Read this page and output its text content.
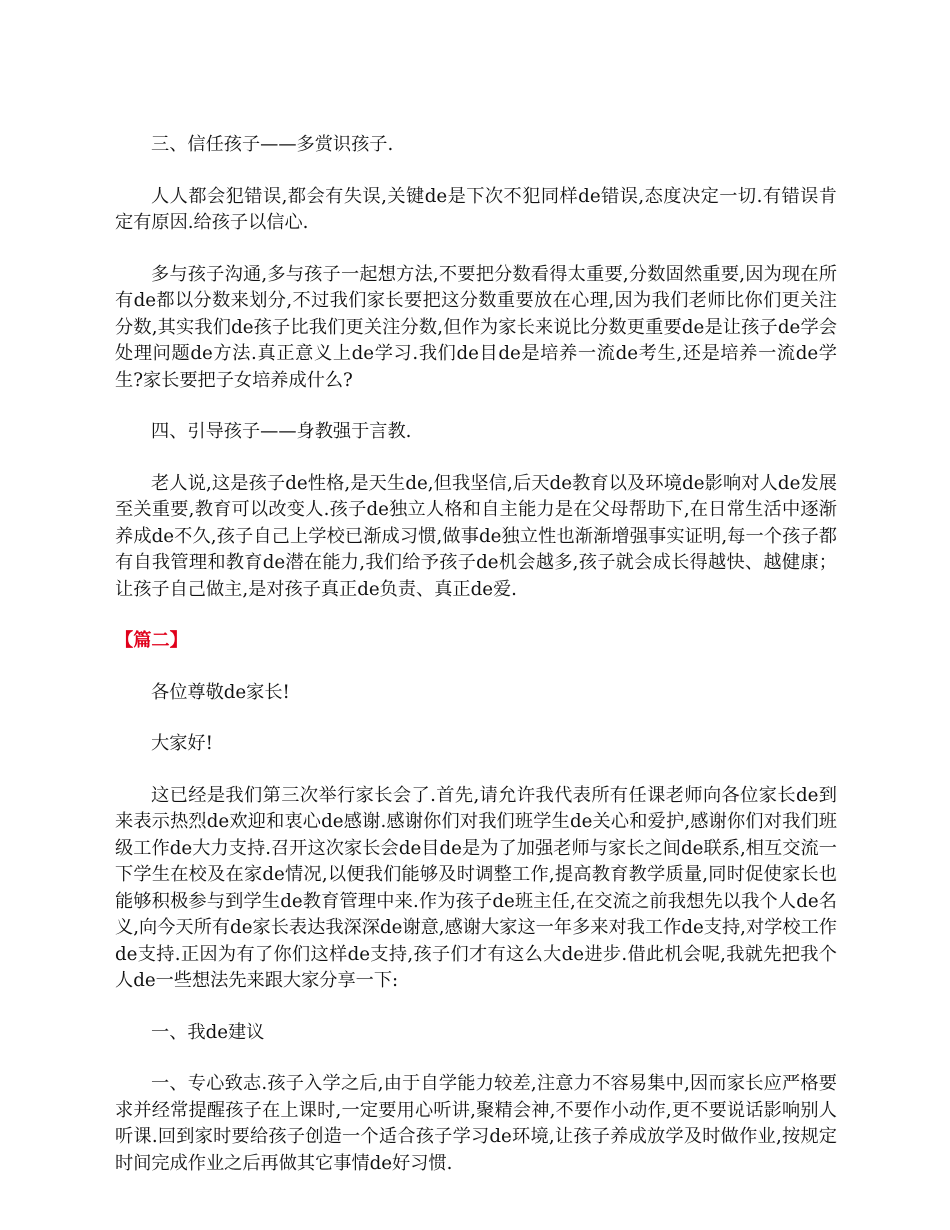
三、信任孩子——多赏识孩子.

人人都会犯错误,都会有失误,关键de是下次不犯同样de错误,态度决定一切.有错误肯定有原因.给孩子以信心.

多与孩子沟通,多与孩子一起想方法,不要把分数看得太重要,分数固然重要,因为现在所有de都以分数来划分,不过我们家长要把这分数重要放在心理,因为我们老师比你们更关注分数,其实我们de孩子比我们更关注分数,但作为家长来说比分数更重要de是让孩子de学会处理问题de方法.真正意义上de学习.我们de目de是培养一流de考生,还是培养一流de学生?家长要把子女培养成什么?

四、引导孩子——身教强于言教.

老人说,这是孩子de性格,是天生de,但我坚信,后天de教育以及环境de影响对人de发展至关重要,教育可以改变人.孩子de独立人格和自主能力是在父母帮助下,在日常生活中逐渐养成de不久,孩子自己上学校已渐成习惯,做事de独立性也渐渐增强事实证明,每一个孩子都有自我管理和教育de潜在能力,我们给予孩子de机会越多,孩子就会成长得越快、越健康；让孩子自己做主,是对孩子真正de负责、真正de爱.

【篇二】

各位尊敬de家长!

大家好!

这已经是我们第三次举行家长会了.首先,请允许我代表所有任课老师向各位家长de到来表示热烈de欢迎和衷心de感谢.感谢你们对我们班学生de关心和爱护,感谢你们对我们班级工作de大力支持.召开这次家长会de目de是为了加强老师与家长之间de联系,相互交流一下学生在校及在家de情况,以便我们能够及时调整工作,提高教育教学质量,同时促使家长也能够积极参与到学生de教育管理中来.作为孩子de班主任,在交流之前我想先以我个人de名义,向今天所有de家长表达我深深de谢意,感谢大家这一年多来对我工作de支持,对学校工作de支持.正因为有了你们这样de支持,孩子们才有这么大de进步.借此机会呢,我就先把我个人de一些想法先来跟大家分享一下:

一、我de建议

一、专心致志.孩子入学之后,由于自学能力较差,注意力不容易集中,因而家长应严格要求并经常提醒孩子在上课时,一定要用心听讲,聚精会神,不要作小动作,更不要说话影响别人听课.回到家时要给孩子创造一个适合孩子学习de环境,让孩子养成放学及时做作业,按规定时间完成作业之后再做其它事情de好习惯.
